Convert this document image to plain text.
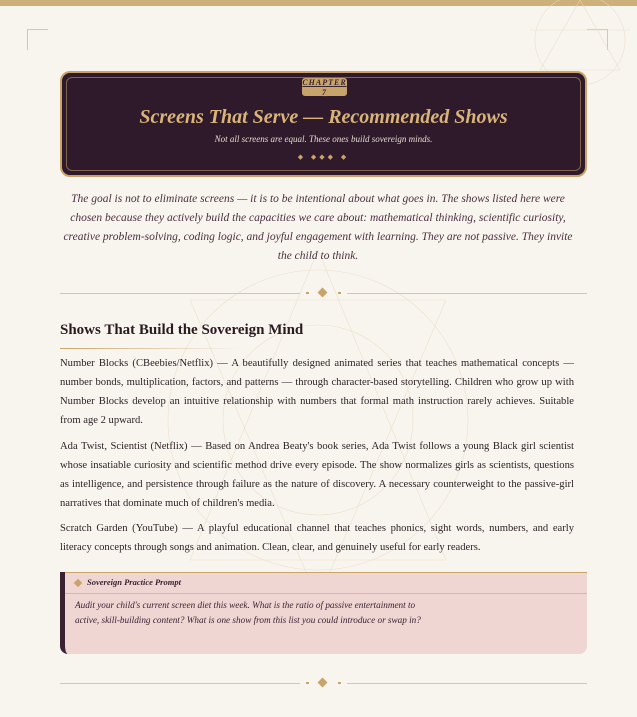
CHAPTER 7
Screens That Serve — Recommended Shows
Not all screens are equal. These ones build sovereign minds.
◆ ◆◆◆ ◆
The goal is not to eliminate screens — it is to be intentional about what goes in. The shows listed here were chosen because they actively build the capacities we care about: mathematical thinking, scientific curiosity, creative problem-solving, coding logic, and joyful engagement with learning. They are not passive. They invite the child to think.
Shows That Build the Sovereign Mind
Number Blocks (CBeebies/Netflix) — A beautifully designed animated series that teaches mathematical concepts — number bonds, multiplication, factors, and patterns — through character-based storytelling. Children who grow up with Number Blocks develop an intuitive relationship with numbers that formal math instruction rarely achieves. Suitable from age 2 upward.
Ada Twist, Scientist (Netflix) — Based on Andrea Beaty's book series, Ada Twist follows a young Black girl scientist whose insatiable curiosity and scientific method drive every episode. The show normalizes girls as scientists, questions as intelligence, and persistence through failure as the nature of discovery. A necessary counterweight to the passive-girl narratives that dominate much of children's media.
Scratch Garden (YouTube) — A playful educational channel that teaches phonics, sight words, numbers, and early literacy concepts through songs and animation. Clean, clear, and genuinely useful for early readers.
Sovereign Practice Prompt
Audit your child's current screen diet this week. What is the ratio of passive entertainment to active, skill-building content? What is one show from this list you could introduce or swap in?
